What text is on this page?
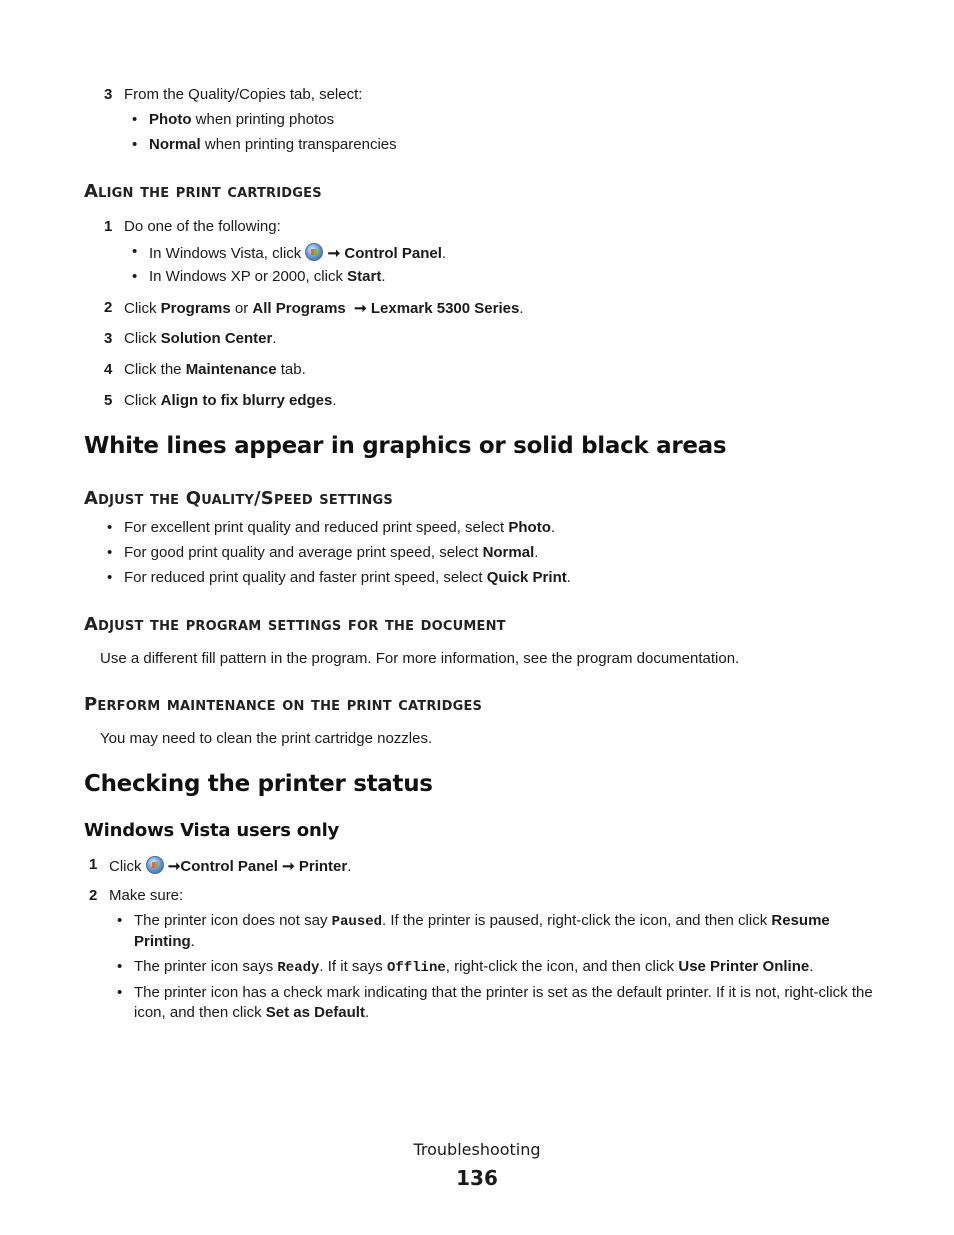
3 From the Quality/Copies tab, select:
• Photo when printing photos
• Normal when printing transparencies
Align the print cartridges
1 Do one of the following:
• In Windows Vista, click  ➞ Control Panel.
• In Windows XP or 2000, click Start.
2 Click Programs or All Programs ➞ Lexmark 5300 Series.
3 Click Solution Center.
4 Click the Maintenance tab.
5 Click Align to fix blurry edges.
White lines appear in graphics or solid black areas
Adjust the Quality/Speed settings
• For excellent print quality and reduced print speed, select Photo.
• For good print quality and average print speed, select Normal.
• For reduced print quality and faster print speed, select Quick Print.
Adjust the program settings for the document
Use a different fill pattern in the program. For more information, see the program documentation.
Perform maintenance on the print catridges
You may need to clean the print cartridge nozzles.
Checking the printer status
Windows Vista users only
1 Click  ➞Control Panel ➞ Printer.
2 Make sure:
• The printer icon does not say Paused. If the printer is paused, right-click the icon, and then click Resume Printing.
• The printer icon says Ready. If it says Offline, right-click the icon, and then click Use Printer Online.
• The printer icon has a check mark indicating that the printer is set as the default printer. If it is not, right-click the icon, and then click Set as Default.
Troubleshooting
136
